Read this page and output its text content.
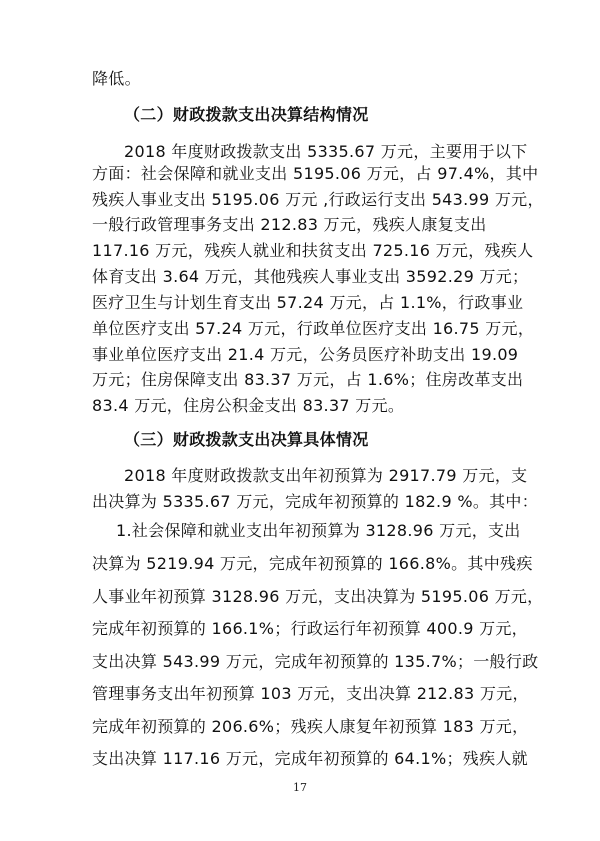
降低。
（二）财政拨款支出决算结构情况
2018 年度财政拨款支出 5335.67 万元，主要用于以下
方面：社会保障和就业支出 5195.06 万元，占 97.4%，其中
残疾人事业支出 5195.06 万元 ,行政运行支出 543.99 万元，
一般行政管理事务支出 212.83 万元，残疾人康复支出
117.16 万元，残疾人就业和扶贫支出 725.16 万元，残疾人
体育支出 3.64 万元，其他残疾人事业支出 3592.29 万元；
医疗卫生与计划生育支出 57.24 万元，占 1.1%，行政事业
单位医疗支出 57.24 万元，行政单位医疗支出 16.75 万元，
事业单位医疗支出 21.4 万元，公务员医疗补助支出 19.09
万元；住房保障支出 83.37 万元，占 1.6%；住房改革支出
83.4 万元，住房公积金支出 83.37 万元。
（三）财政拨款支出决算具体情况
2018 年度财政拨款支出年初预算为 2917.79 万元，支
出决算为 5335.67 万元，完成年初预算的 182.9 %。其中：
1.社会保障和就业支出年初预算为 3128.96 万元，支出
决算为 5219.94 万元，完成年初预算的 166.8%。其中残疾
人事业年初预算 3128.96 万元，支出决算为 5195.06 万元，
完成年初预算的 166.1%；行政运行年初预算 400.9 万元，
支出决算 543.99 万元，完成年初预算的 135.7%；一般行政
管理事务支出年初预算 103 万元，支出决算 212.83 万元，
完成年初预算的 206.6%；残疾人康复年初预算 183 万元，
支出决算 117.16 万元，完成年初预算的 64.1%；残疾人就
17
